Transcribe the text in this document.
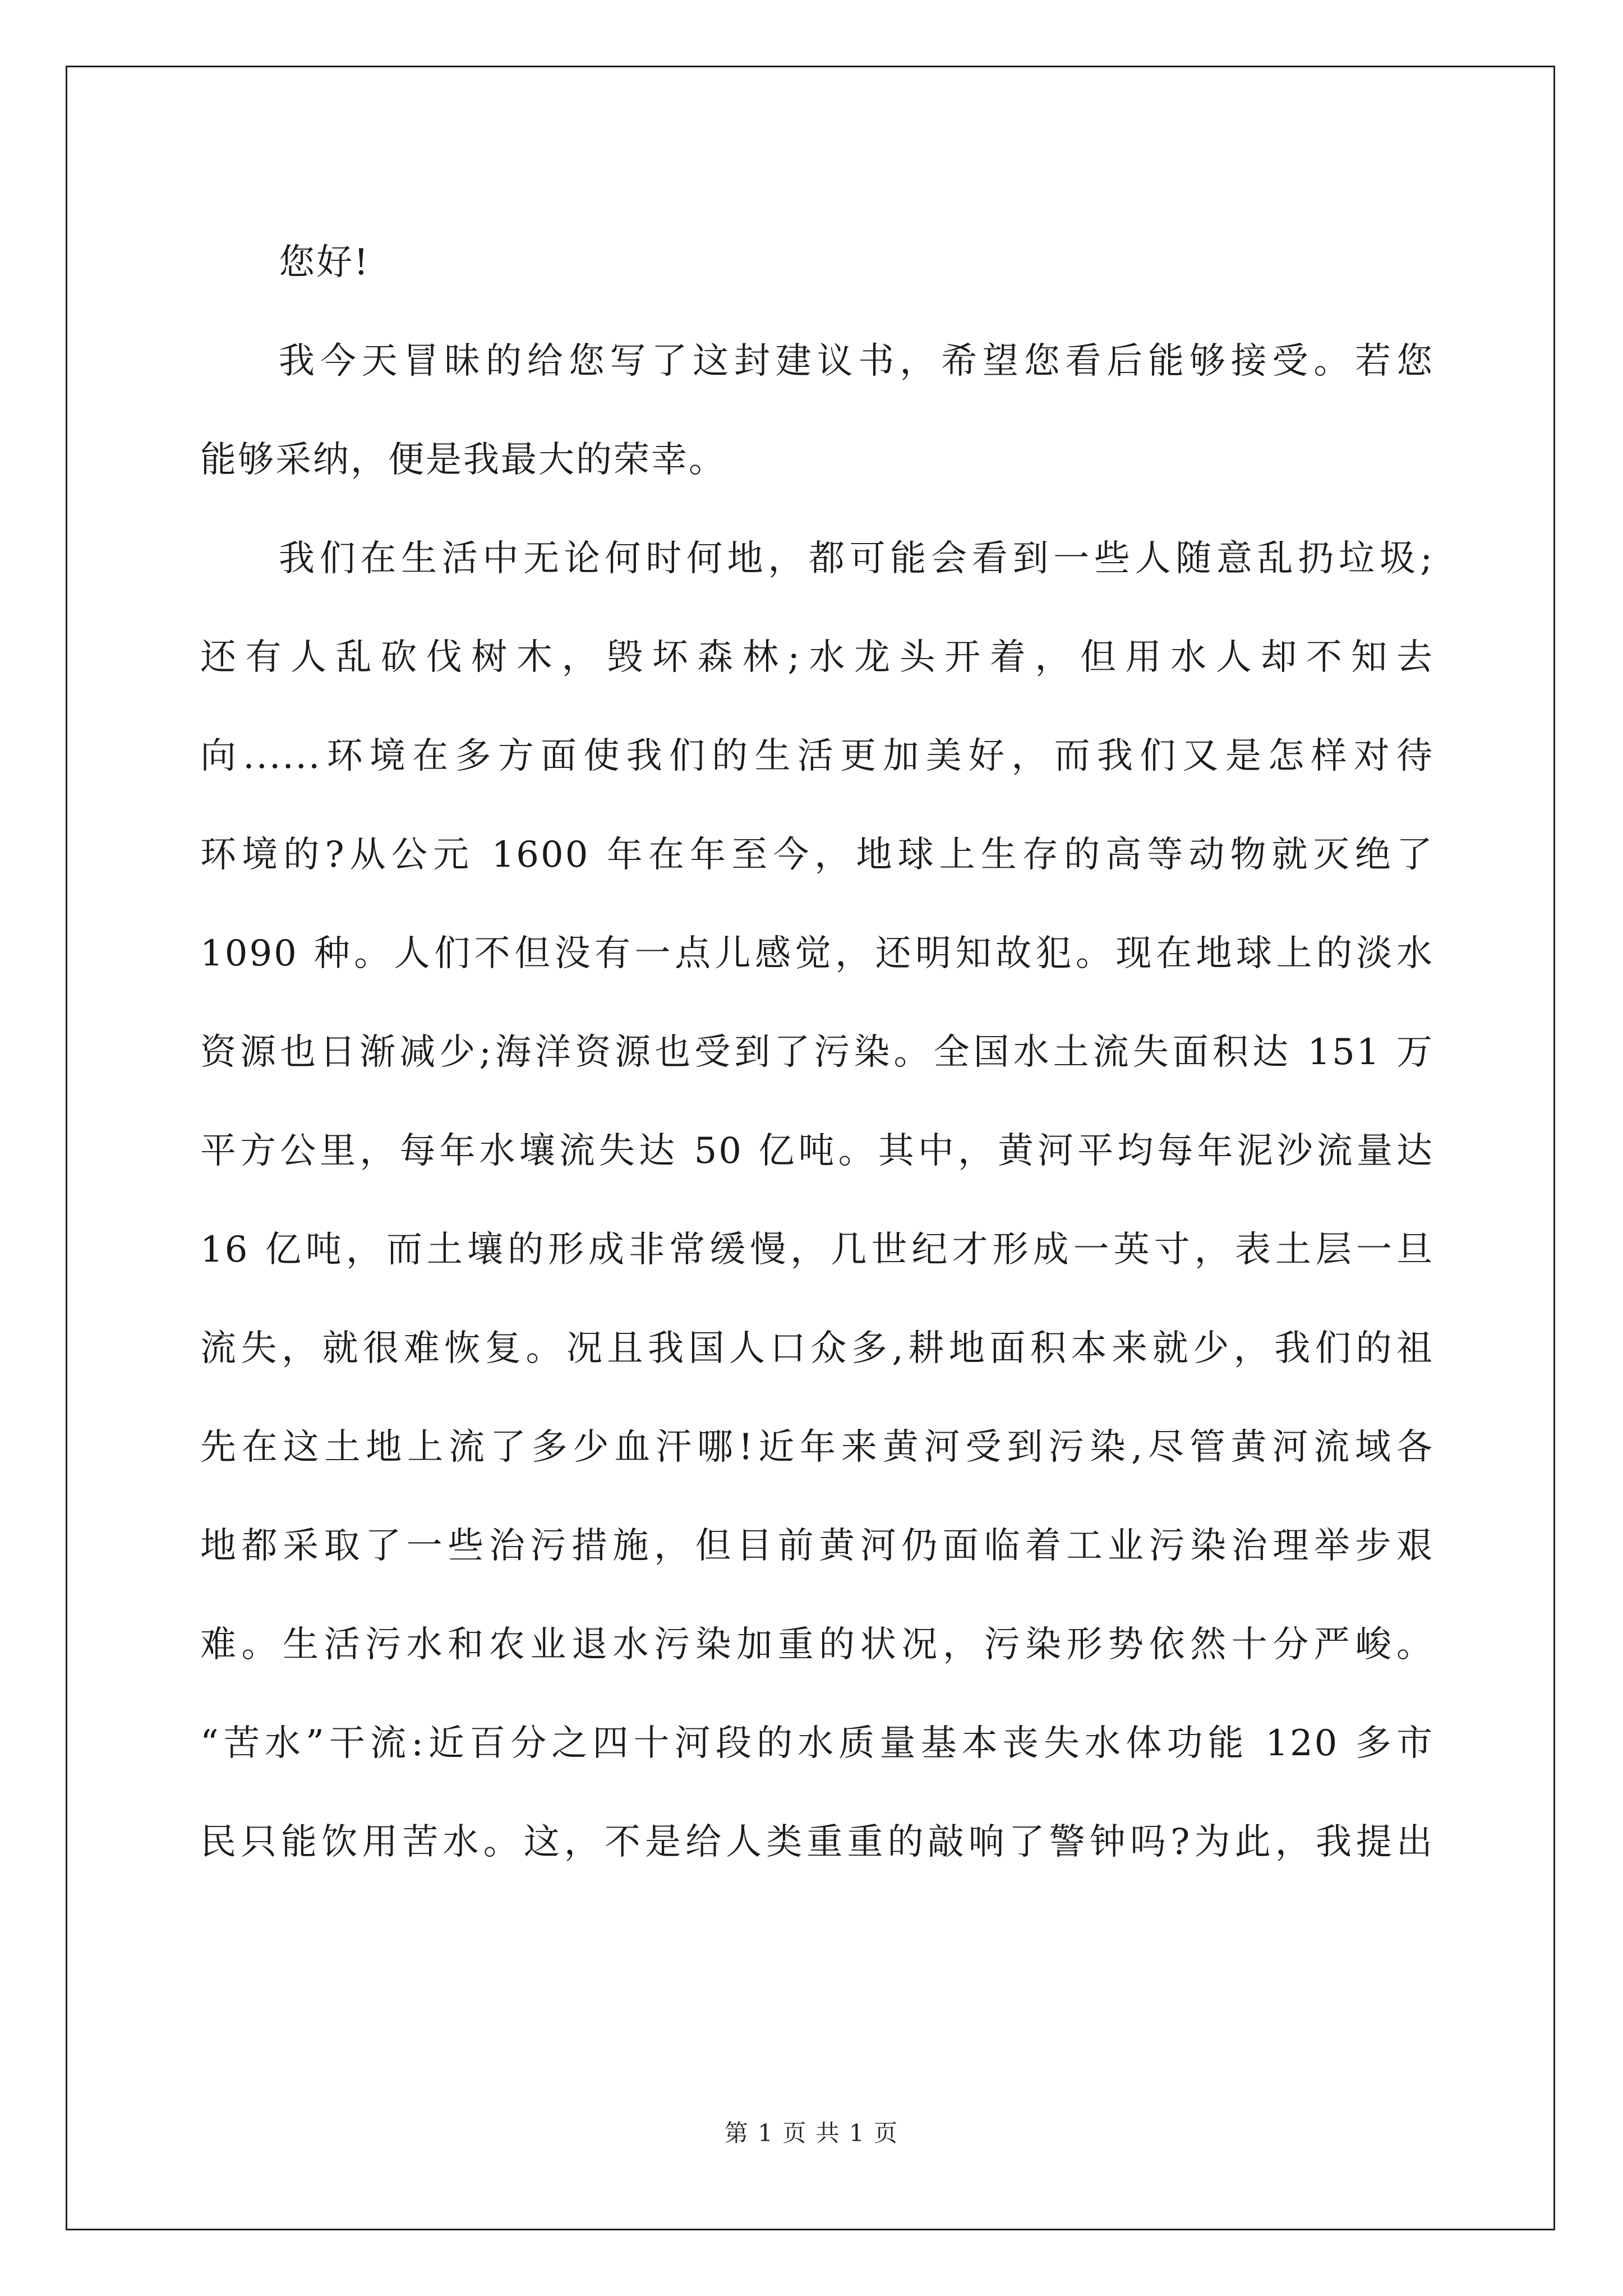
您好!

我今天冒昧的给您写了这封建议书，希望您看后能够接受。若您

能够采纳，便是我最大的荣幸。

我们在生活中无论何时何地，都可能会看到一些人随意乱扔垃圾;

还有人乱砍伐树木，毁坏森林;水龙头开着，但用水人却不知去

向......环境在多方面使我们的生活更加美好，而我们又是怎样对待

环境的?从公元 1600 年在年至今，地球上生存的高等动物就灭绝了

1090 种。人们不但没有一点儿感觉，还明知故犯。现在地球上的淡水

资源也日渐减少;海洋资源也受到了污染。全国水土流失面积达 151 万

平方公里，每年水壤流失达 50 亿吨。其中，黄河平均每年泥沙流量达

16 亿吨，而土壤的形成非常缓慢，几世纪才形成一英寸，表土层一旦

流失，就很难恢复。况且我国人口众多,耕地面积本来就少，我们的祖

先在这土地上流了多少血汗哪!近年来黄河受到污染,尽管黄河流域各

地都采取了一些治污措施，但目前黄河仍面临着工业污染治理举步艰

难。生活污水和农业退水污染加重的状况，污染形势依然十分严峻。

“苦水”干流:近百分之四十河段的水质量基本丧失水体功能 120 多市

民只能饮用苦水。这，不是给人类重重的敲响了警钟吗?为此，我提出

第 1 页 共 1 页
